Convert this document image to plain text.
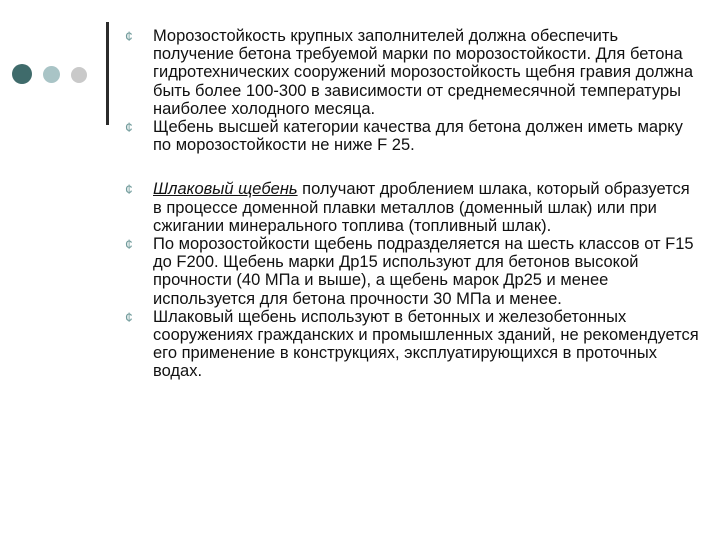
¢ Морозостойкость крупных заполнителей должна обеспечить получение бетона требуемой марки по морозостойкости. Для бетона гидротехнических сооружений морозостойкость щебня гравия должна быть более 100-300 в зависимости от среднемесячной температуры наиболее холодного месяца.
¢ Щебень высшей категории качества для бетона должен иметь марку по морозостойкости не ниже F 25.
¢ Шлаковый щебень получают дроблением шлака, который образуется в процессе доменной плавки металлов (доменный шлак) или при сжигании минерального топлива (топливный шлак).
¢ По морозостойкости щебень подразделяется на шесть классов от F15 до F200. Щебень марки Др15 используют для бетонов высокой прочности (40 МПа и выше), а щебень марок Др25 и менее используется для бетона прочности 30 МПа и менее.
¢ Шлаковый щебень используют в бетонных и железобетонных сооружениях гражданских и промышленных зданий, не рекомендуется его применение в конструкциях, эксплуатирующихся в проточных водах.
